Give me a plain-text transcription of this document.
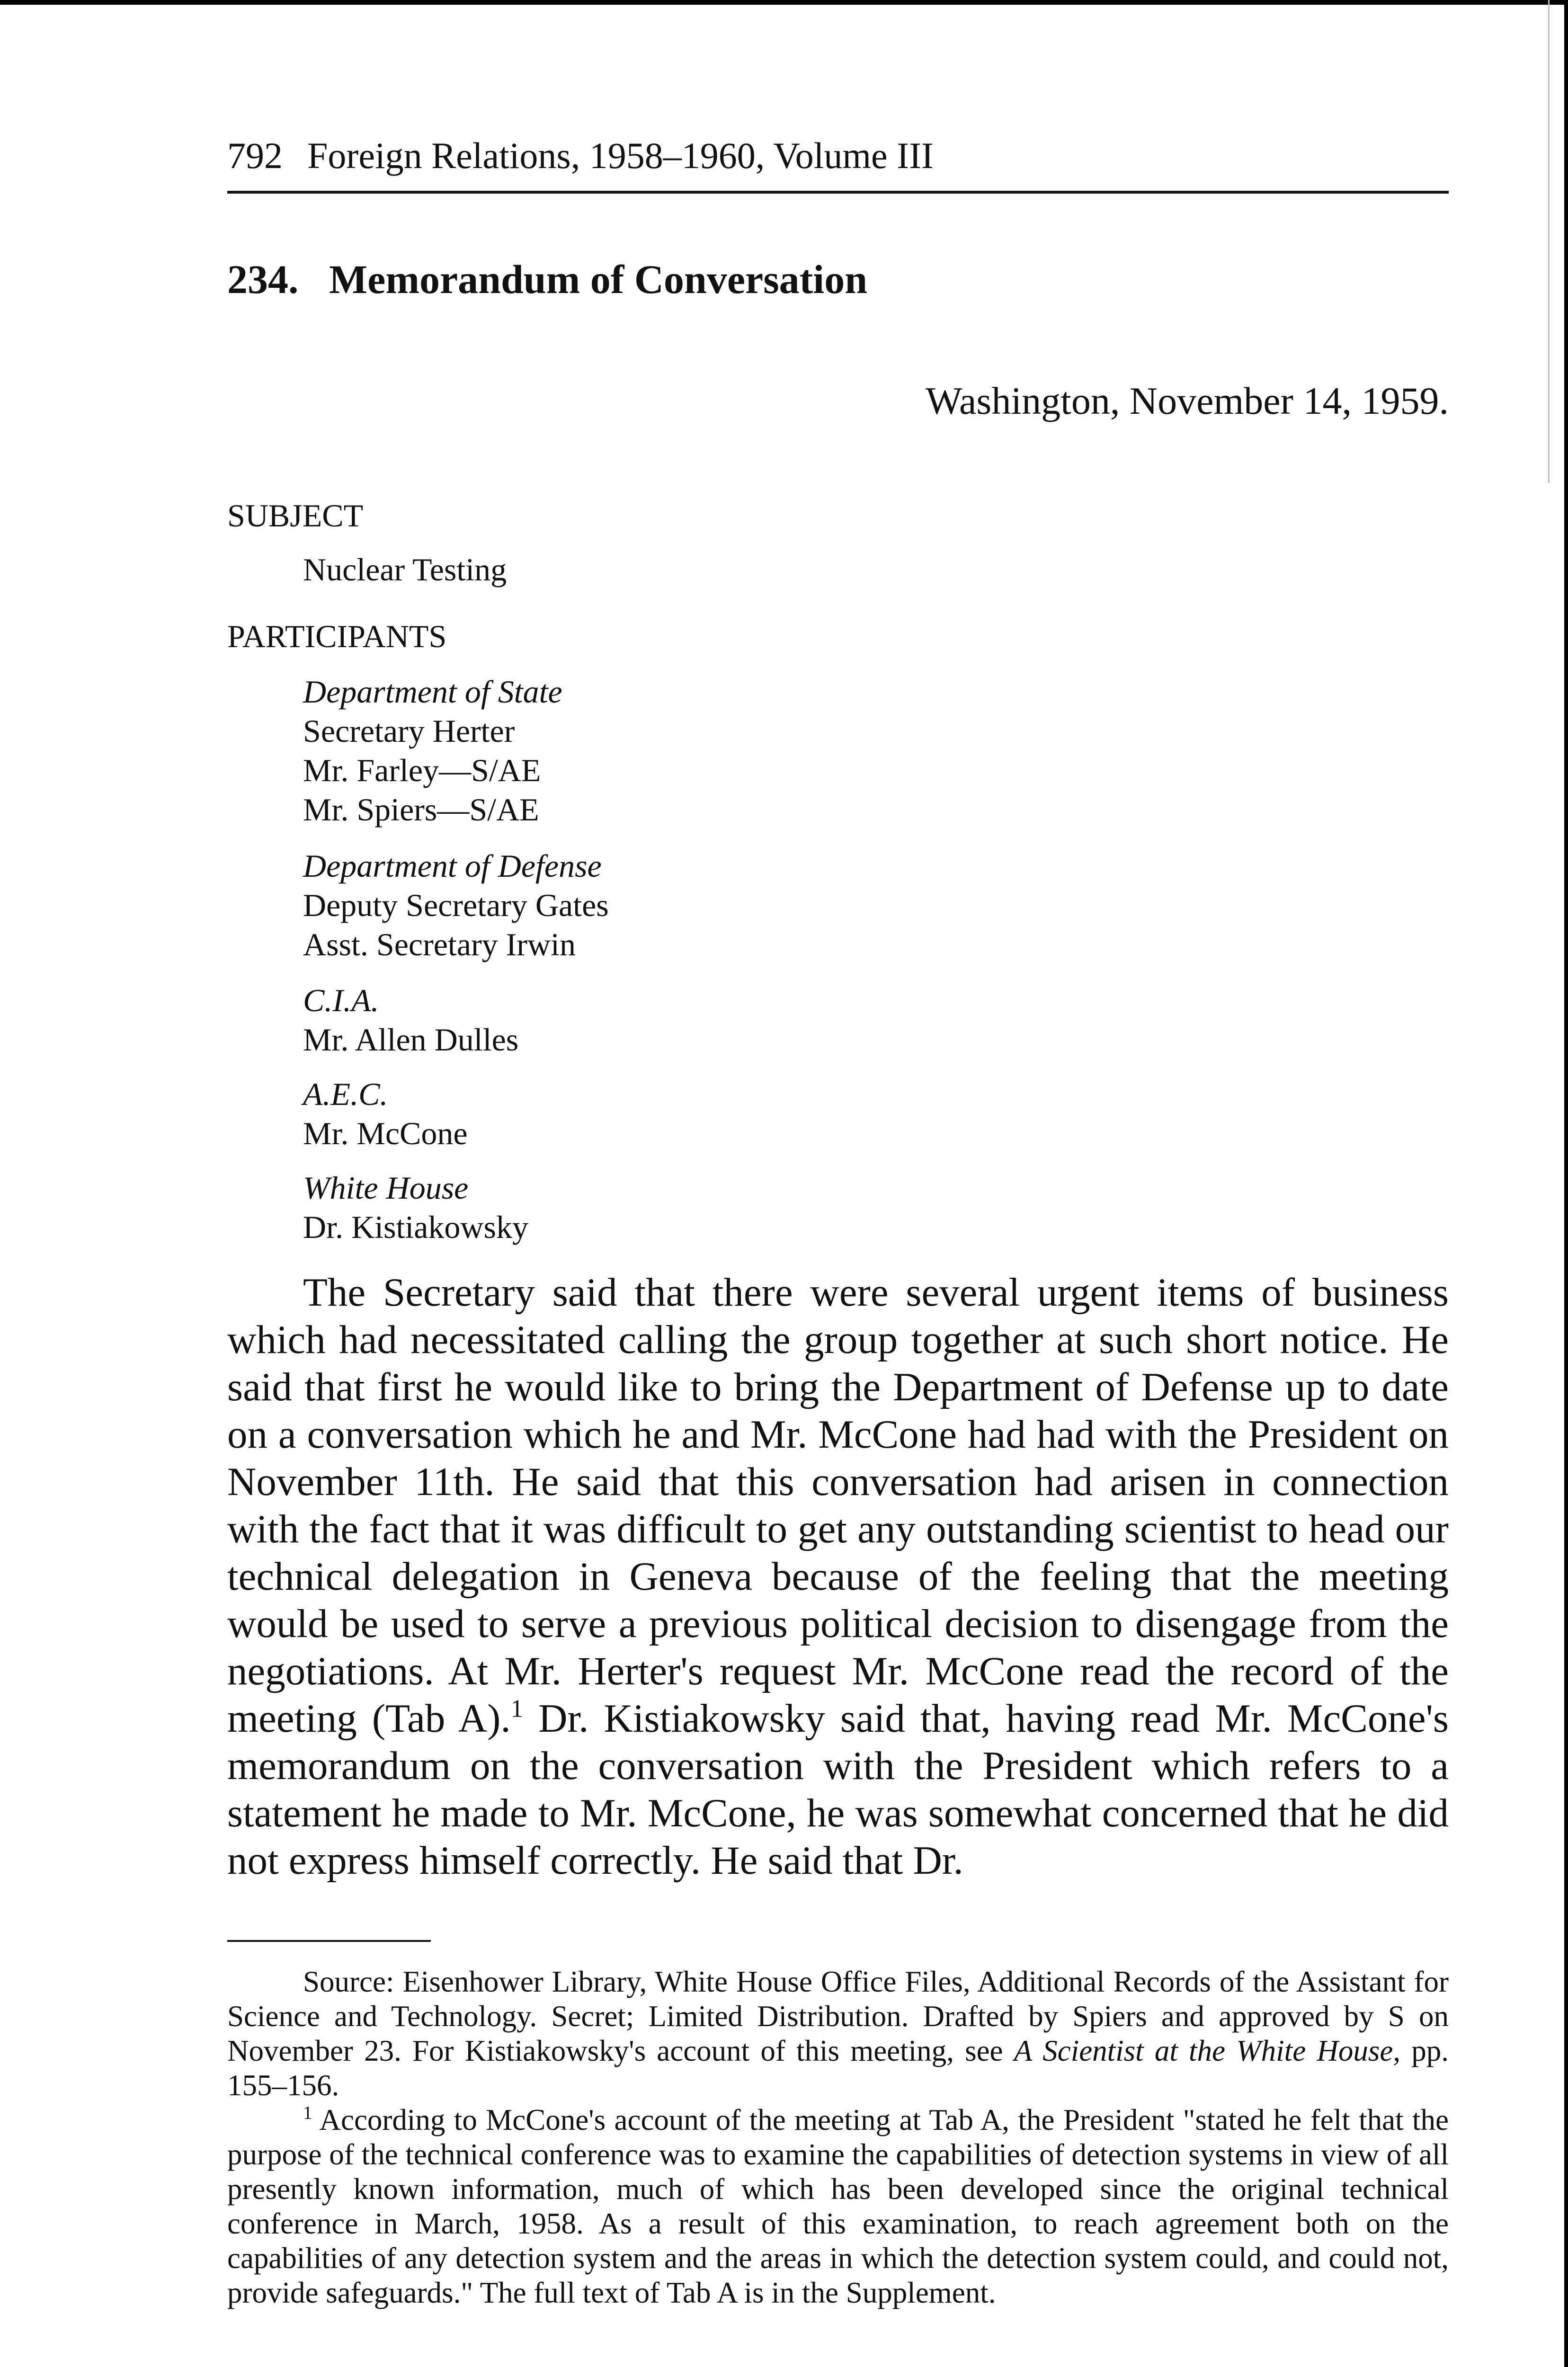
792 Foreign Relations, 1958–1960, Volume III
234. Memorandum of Conversation
Washington, November 14, 1959.
SUBJECT
Nuclear Testing
PARTICIPANTS
Department of State
Secretary Herter
Mr. Farley—S/AE
Mr. Spiers—S/AE
Department of Defense
Deputy Secretary Gates
Asst. Secretary Irwin
C.I.A.
Mr. Allen Dulles
A.E.C.
Mr. McCone
White House
Dr. Kistiakowsky

The Secretary said that there were several urgent items of business which had necessitated calling the group together at such short notice. He said that first he would like to bring the Department of Defense up to date on a conversation which he and Mr. McCone had had with the President on November 11th. He said that this conversation had arisen in connection with the fact that it was difficult to get any outstanding scientist to head our technical delegation in Geneva because of the feeling that the meeting would be used to serve a previous political decision to disengage from the negotiations. At Mr. Herter's request Mr. McCone read the record of the meeting (Tab A).$^1$ Dr. Kistiakowsky said that, having read Mr. McCone's memorandum on the conversation with the President which refers to a statement he made to Mr. McCone, he was somewhat concerned that he did not express himself correctly. He said that Dr.

Source: Eisenhower Library, White House Office Files, Additional Records of the Assistant for Science and Technology. Secret; Limited Distribution. Drafted by Spiers and approved by S on November 23. For Kistiakowsky's account of this meeting, see A Scientist at the White House, pp. 155–156.

$^1$ According to McCone's account of the meeting at Tab A, the President "stated he felt that the purpose of the technical conference was to examine the capabilities of detection systems in view of all presently known information, much of which has been developed since the original technical conference in March, 1958. As a result of this examination, to reach agreement both on the capabilities of any detection system and the areas in which the detection system could, and could not, provide safeguards." The full text of Tab A is in the Supplement.
